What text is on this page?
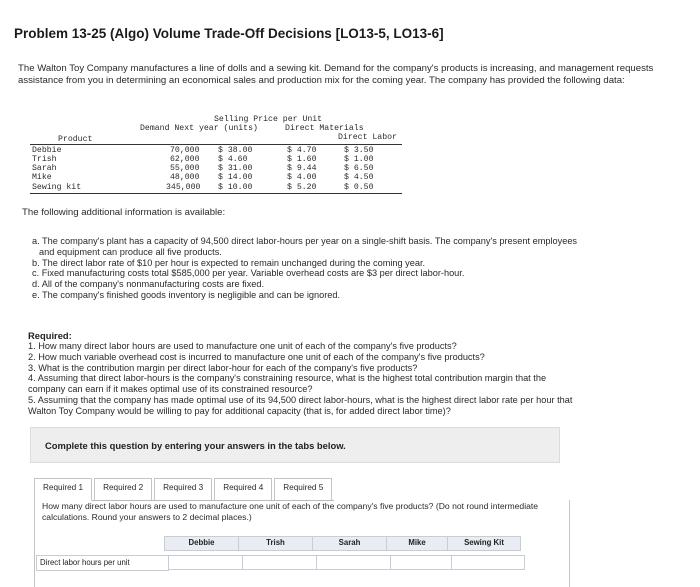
Problem 13-25 (Algo) Volume Trade-Off Decisions [LO13-5, LO13-6]
The Walton Toy Company manufactures a line of dolls and a sewing kit. Demand for the company's products is increasing, and management requests assistance from you in determining an economical sales and production mix for the coming year. The company has provided the following data:
Product
Demand Next year (units)
Selling Price per Unit
Direct Materials
Direct Labor
Debbie	70,000 $ 38.00	$ 4.70	$ 3.50
Trish	62,000 $ 4.60	$ 1.60	$ 1.00
Sarah	55,000 $ 31.00	$ 9.44	$ 6.50
Mike	48,000 $ 14.00	$ 4.00	$ 4.50
Sewing kit	345,000 $ 10.00	$ 5.20	$ 0.50
The following additional information is available:
a. The company's plant has a capacity of 94,500 direct labor-hours per year on a single-shift basis. The company's present employees
and equipment can produce all five products.
b. The direct labor rate of $10 per hour is expected to remain unchanged during the coming year.
c. Fixed manufacturing costs total $585,000 per year. Variable overhead costs are $3 per direct labor-hour.
d. All of the company's nonmanufacturing costs are fixed.
e. The company's finished goods inventory is negligible and can be ignored.
Required:
1. How many direct labor hours are used to manufacture one unit of each of the company's five products?
2. How much variable overhead cost is incurred to manufacture one unit of each of the company's five products?
3. What is the contribution margin per direct labor-hour for each of the company's five products?
4. Assuming that direct labor-hours is the company's constraining resource, what is the highest total contribution margin that the
company can earn if it makes optimal use of its constrained resource?
5. Assuming that the company has made optimal use of its 94,500 direct labor-hours, what is the highest direct labor rate per hour that
Walton Toy Company would be willing to pay for additional capacity (that is, for added direct labor time)?
Complete this question by entering your answers in the tabs below.
Required 1	Required 2	Required 3	Required 4	Required 5
How many direct labor hours are used to manufacture one unit of each of the company's five products? (Do not round intermediate calculations. Round your answers to 2 decimal places.)
Debbie	Trish	Sarah	Mike	Sewing Kit
Direct labor hours per unit
